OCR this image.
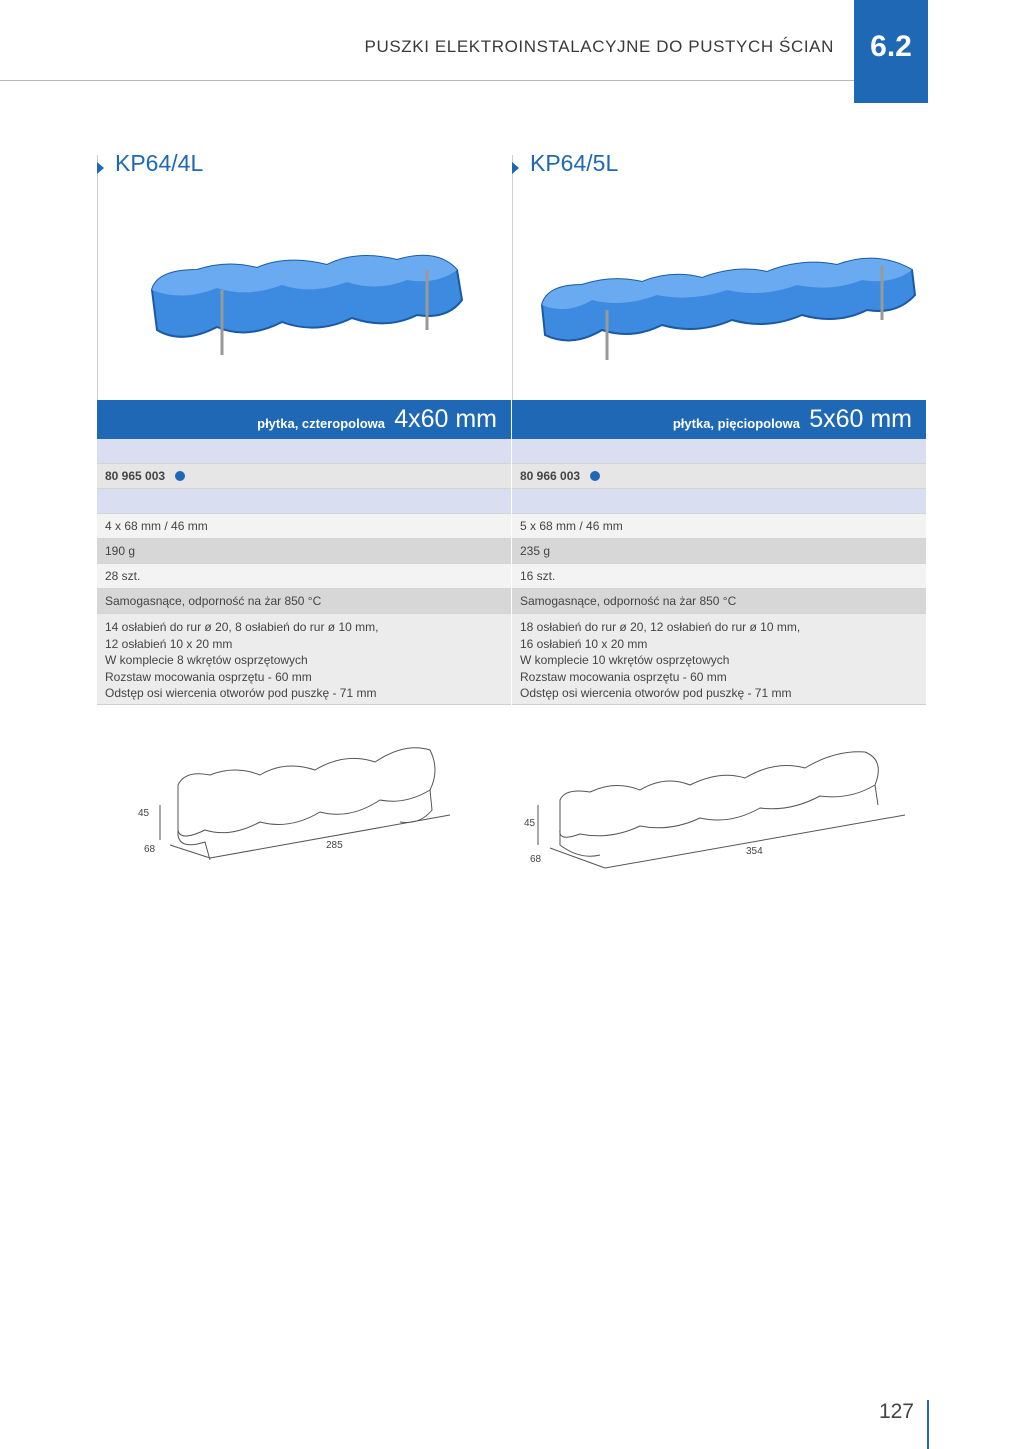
PUSZKI ELEKTROINSTALACYJNE DO PUSTYCH ŚCIAN	6.2
KP64/4L
płytka, czteropolowa 4x60 mm
80 965 003
4 x 68 mm / 46 mm
190 g
28 szt.
Samogasnące, odporność na żar 850 °C
14 osłabień do rur ø 20, 8 osłabień do rur ø 10 mm,
12 osłabień 10 x 20 mm
W komplecie 8 wkrętów osprzętowych
Rozstaw mocowania osprzętu - 60 mm
Odstęp osi wiercenia otworów pod puszkę - 71 mm
KP64/5L
płytka, pięciopolowa 5x60 mm
80 966 003
5 x 68 mm / 46 mm
235 g
16 szt.
Samogasnące, odporność na żar 850 °C
18 osłabień do rur ø 20, 12 osłabień do rur ø 10 mm,
16 osłabień 10 x 20 mm
W komplecie 10 wkrętów osprzętowych
Rozstaw mocowania osprzętu - 60 mm
Odstęp osi wiercenia otworów pod puszkę - 71 mm
45
68	285
45
68
354
127
